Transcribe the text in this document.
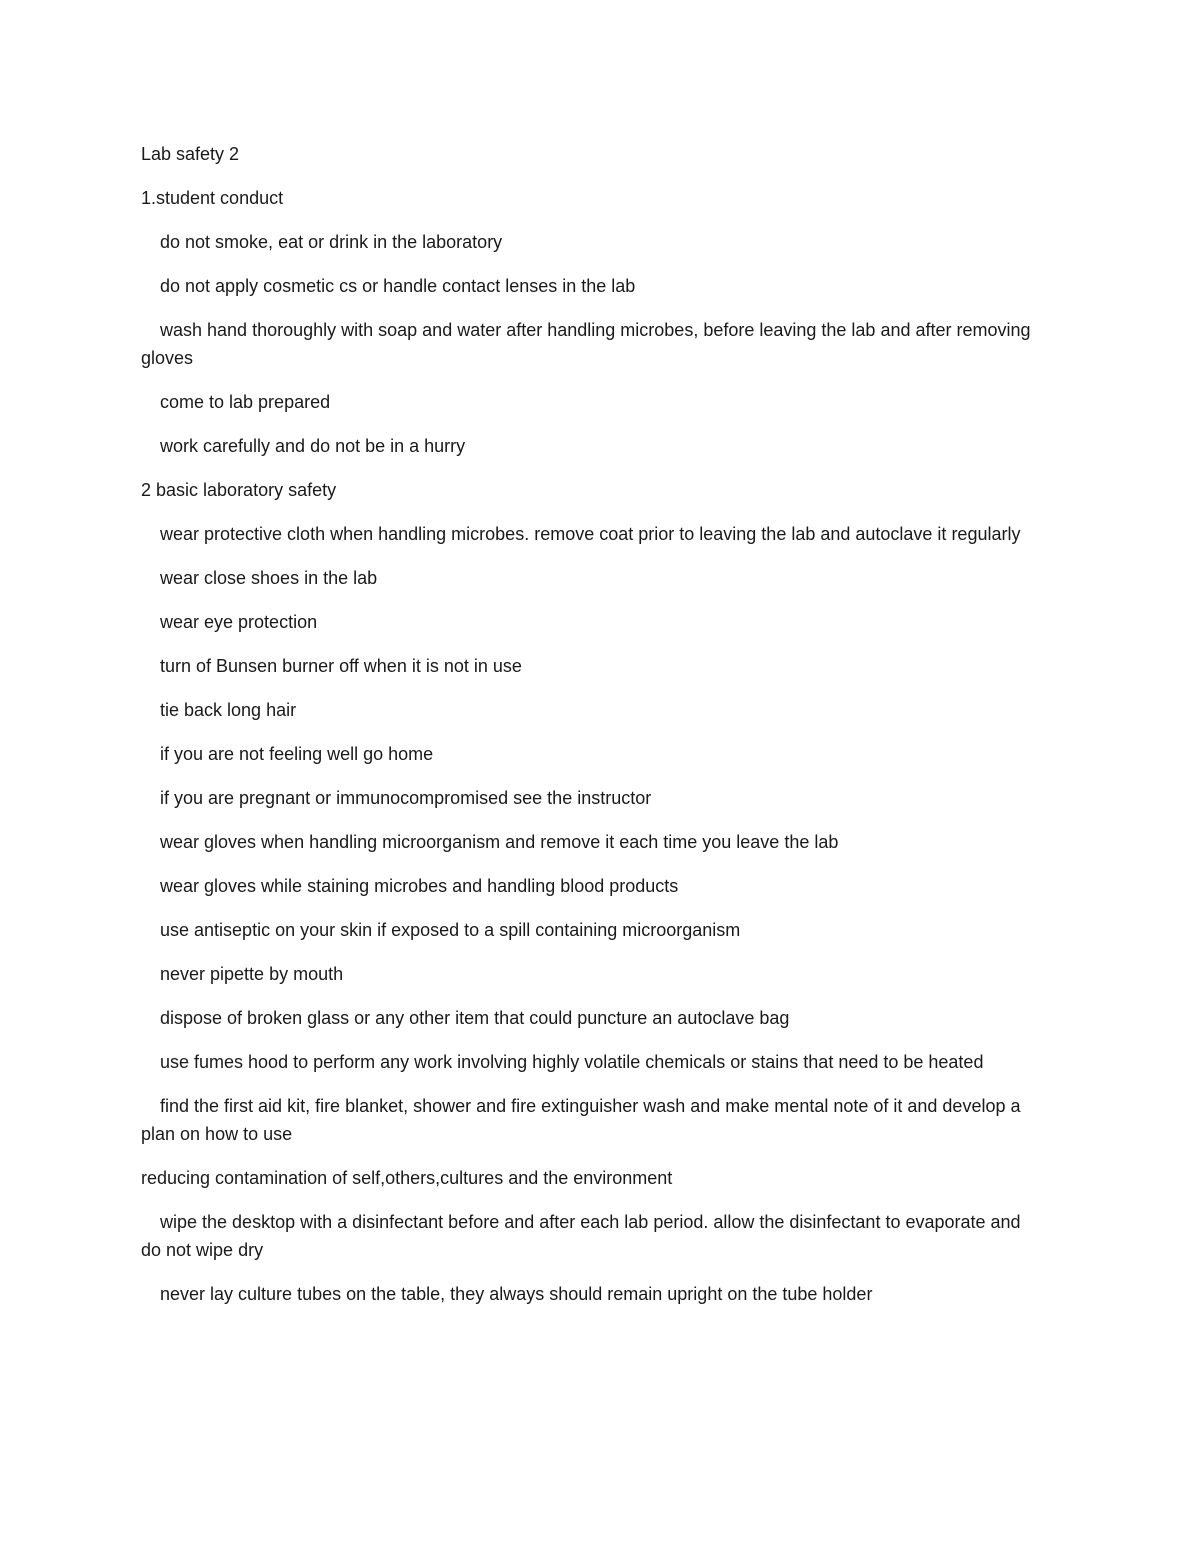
Lab safety 2

1.student conduct

do not smoke, eat or drink in the laboratory

do not apply cosmetic cs or handle contact lenses in the lab

wash hand thoroughly with soap and water after handling microbes, before leaving the lab and after removing gloves

come to lab prepared

work carefully and do not be in a hurry

2 basic laboratory safety

wear protective cloth when handling microbes. remove coat prior to leaving the lab and autoclave it regularly

wear close shoes in the lab

wear eye protection

turn of Bunsen burner off when it is not in use

tie back long hair

if you are not feeling well go home

if you are pregnant or immunocompromised see the instructor

wear gloves when handling microorganism and remove it each time you leave the lab

wear gloves while staining microbes and handling blood products

use antiseptic on your skin if exposed to a spill containing microorganism

never pipette by mouth

dispose of broken glass or any other item that could puncture an autoclave bag

use fumes hood to perform any work involving highly volatile chemicals or stains that need to be heated

find the first aid kit, fire blanket, shower and fire extinguisher wash and make mental note of it and develop a plan on how to use

reducing contamination of self,others,cultures and the environment

wipe the desktop with a disinfectant before and after each lab period. allow the disinfectant to evaporate and do not wipe dry

never lay culture tubes on the table, they always should remain upright on the tube holder
